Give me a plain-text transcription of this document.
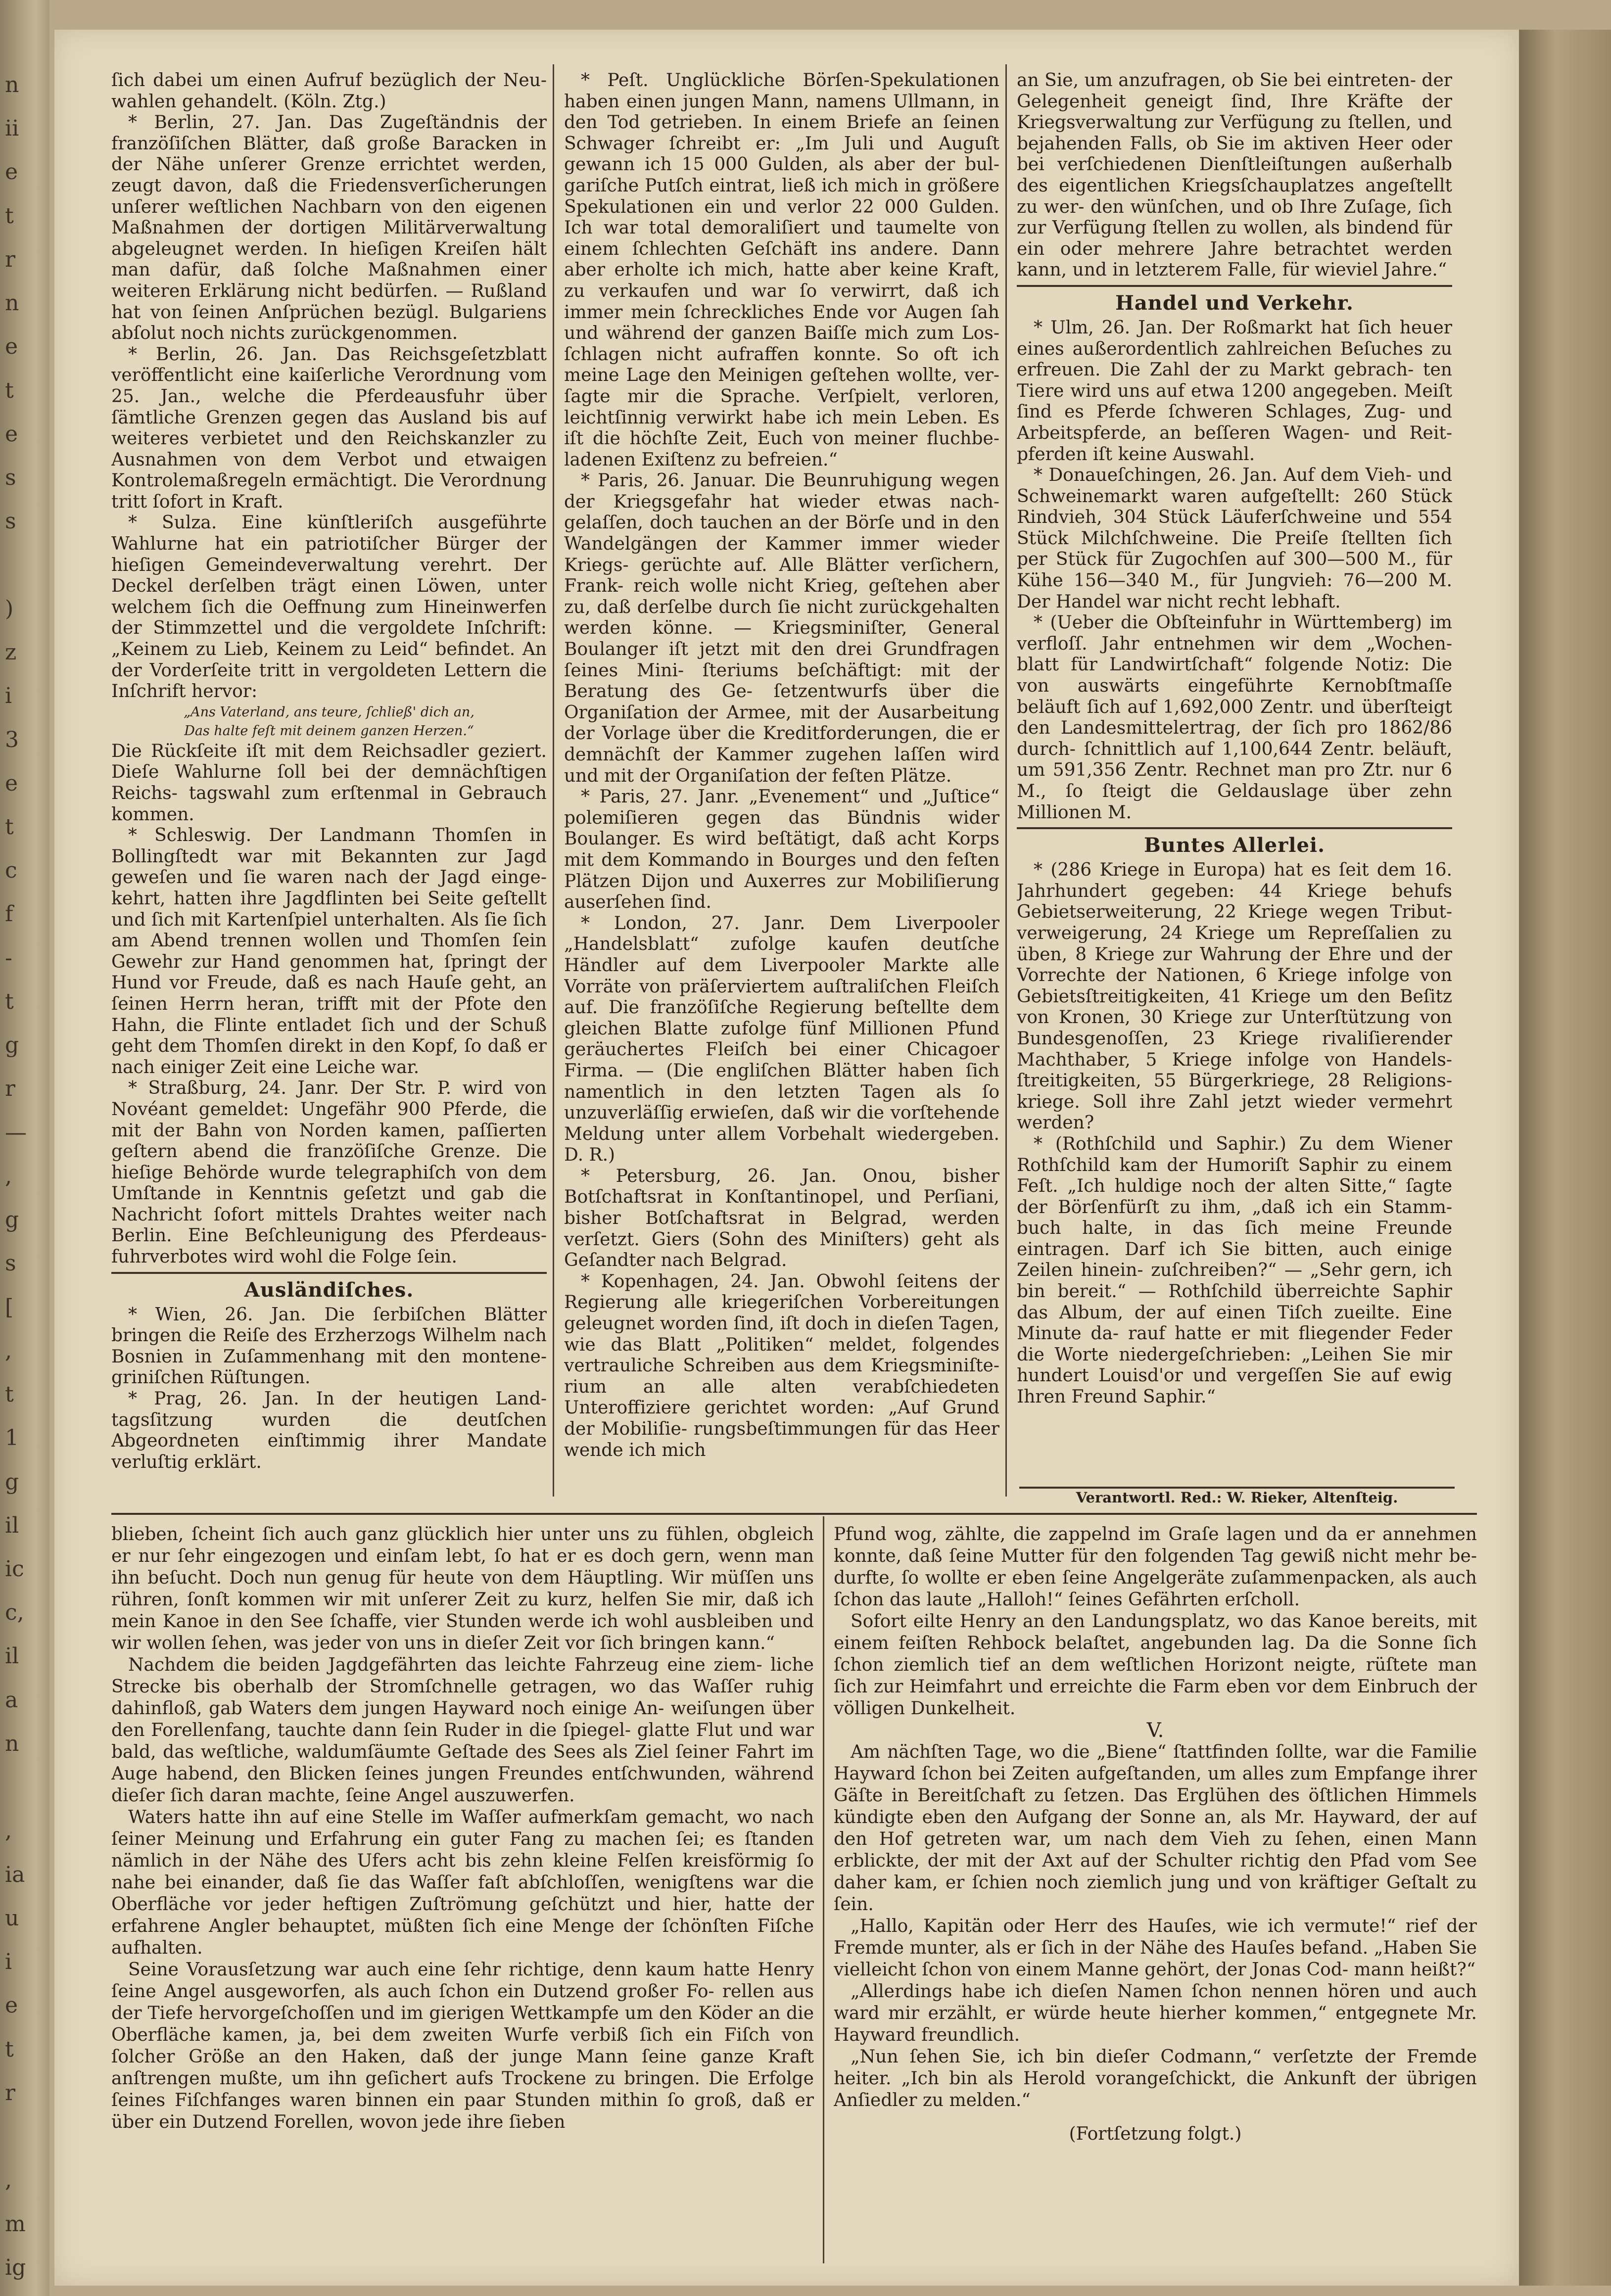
n
ii
e
t
r
n
e
t
e
s
s
)
z
i
3
e
t
c
f
-
t
g
r
—
,
g
s
[
,
t
1
g
il
ic
c,
il
a
n
,
ia
u
i
e
t
r
,
m
ig

ſich dabei um einen Aufruf bezüglich der Neu- wahlen gehandelt. (Köln. Ztg.)

* Berlin, 27. Jan. Das Zugeſtändnis der franzöſiſchen Blätter, daß große Baracken in der Nähe unſerer Grenze errichtet werden, zeugt davon, daß die Friedensverſicherungen unſerer weſtlichen Nachbarn von den eigenen Maßnahmen der dortigen Militärverwaltung abgeleugnet werden. In hieſigen Kreiſen hält man dafür, daß ſolche Maßnahmen einer weiteren Erklärung nicht bedürfen. — Rußland hat von ſeinen Anſprüchen bezügl. Bulgariens abſolut noch nichts zurückgenommen.

* Berlin, 26. Jan. Das Reichsgeſetzblatt veröffentlicht eine kaiſerliche Verordnung vom 25. Jan., welche die Pferdeausfuhr über ſämtliche Grenzen gegen das Ausland bis auf weiteres verbietet und den Reichskanzler zu Ausnahmen von dem Verbot und etwaigen Kontrolemaßregeln ermächtigt. Die Verordnung tritt ſofort in Kraft.

* Sulza. Eine künſtleriſch ausgeführte Wahlurne hat ein patriotiſcher Bürger der hieſigen Gemeindeverwaltung verehrt. Der Deckel derſelben trägt einen Löwen, unter welchem ſich die Oeffnung zum Hineinwerfen der Stimmzettel und die vergoldete Inſchrift: „Keinem zu Lieb, Keinem zu Leid“ befindet. An der Vorderſeite tritt in vergoldeten Lettern die Inſchrift hervor:

„Ans Vaterland, ans teure, ſchließ' dich an,
Das halte feſt mit deinem ganzen Herzen.“

Die Rückſeite iſt mit dem Reichsadler geziert. Dieſe Wahlurne ſoll bei der demnächſtigen Reichs- tagswahl zum erſtenmal in Gebrauch kommen.

* Schleswig. Der Landmann Thomſen in Bollingſtedt war mit Bekannten zur Jagd geweſen und ſie waren nach der Jagd einge- kehrt, hatten ihre Jagdflinten bei Seite geſtellt und ſich mit Kartenſpiel unterhalten. Als ſie ſich am Abend trennen wollen und Thomſen ſein Gewehr zur Hand genommen hat, ſpringt der Hund vor Freude, daß es nach Hauſe geht, an ſeinen Herrn heran, trifft mit der Pfote den Hahn, die Flinte entladet ſich und der Schuß geht dem Thomſen direkt in den Kopf, ſo daß er nach einiger Zeit eine Leiche war.

* Straßburg, 24. Janr. Der Str. P. wird von Novéant gemeldet: Ungefähr 900 Pferde, die mit der Bahn von Norden kamen, paſſierten geſtern abend die franzöſiſche Grenze. Die hieſige Behörde wurde telegraphiſch von dem Umſtande in Kenntnis geſetzt und gab die Nachricht ſofort mittels Drahtes weiter nach Berlin. Eine Beſchleunigung des Pferdeaus- fuhrverbotes wird wohl die Folge ſein.

Ausländiſches.

* Wien, 26. Jan. Die ſerbiſchen Blätter bringen die Reiſe des Erzherzogs Wilhelm nach Bosnien in Zuſammenhang mit den montene- griniſchen Rüſtungen.

* Prag, 26. Jan. In der heutigen Land- tagsſitzung wurden die deutſchen Abgeordneten einſtimmig ihrer Mandate verluſtig erklärt.

* Peſt. Unglückliche Börſen-Spekulationen haben einen jungen Mann, namens Ullmann, in den Tod getrieben. In einem Briefe an ſeinen Schwager ſchreibt er: „Im Juli und Auguſt gewann ich 15 000 Gulden, als aber der bul- gariſche Putſch eintrat, ließ ich mich in größere Spekulationen ein und verlor 22 000 Gulden. Ich war total demoraliſiert und taumelte von einem ſchlechten Geſchäft ins andere. Dann aber erholte ich mich, hatte aber keine Kraft, zu verkaufen und war ſo verwirrt, daß ich immer mein ſchreckliches Ende vor Augen ſah und während der ganzen Baiſſe mich zum Los- ſchlagen nicht aufraffen konnte. So oft ich meine Lage den Meinigen geſtehen wollte, ver- ſagte mir die Sprache. Verſpielt, verloren, leichtſinnig verwirkt habe ich mein Leben. Es iſt die höchſte Zeit, Euch von meiner fluchbe- ladenen Exiſtenz zu befreien.“

* Paris, 26. Januar. Die Beunruhigung wegen der Kriegsgefahr hat wieder etwas nach- gelaſſen, doch tauchen an der Börſe und in den Wandelgängen der Kammer immer wieder Kriegs- gerüchte auf. Alle Blätter verſichern, Frank- reich wolle nicht Krieg, geſtehen aber zu, daß derſelbe durch ſie nicht zurückgehalten werden könne. — Kriegsminiſter, General Boulanger iſt jetzt mit den drei Grundfragen ſeines Mini- ſteriums beſchäftigt: mit der Beratung des Ge- ſetzentwurfs über die Organiſation der Armee, mit der Ausarbeitung der Vorlage über die Kreditforderungen, die er demnächſt der Kammer zugehen laſſen wird und mit der Organiſation der feſten Plätze.

* Paris, 27. Janr. „Evenement“ und „Juſtice“ polemiſieren gegen das Bündnis wider Boulanger. Es wird beſtätigt, daß acht Korps mit dem Kommando in Bourges und den feſten Plätzen Dijon und Auxerres zur Mobiliſierung auserſehen ſind.

* London, 27. Janr. Dem Liverpooler „Handelsblatt“ zufolge kaufen deutſche Händler auf dem Liverpooler Markte alle Vorräte von präſerviertem auſtraliſchen Fleiſch auf. Die franzöſiſche Regierung beſtellte dem gleichen Blatte zufolge fünf Millionen Pfund geräuchertes Fleiſch bei einer Chicagoer Firma. — (Die engliſchen Blätter haben ſich namentlich in den letzten Tagen als ſo unzuverläſſig erwieſen, daß wir die vorſtehende Meldung unter allem Vorbehalt wiedergeben. D. R.)

* Petersburg, 26. Jan. Onou, bisher Botſchaftsrat in Konſtantinopel, und Perſiani, bisher Botſchaftsrat in Belgrad, werden verſetzt. Giers (Sohn des Miniſters) geht als Geſandter nach Belgrad.

* Kopenhagen, 24. Jan. Obwohl ſeitens der Regierung alle kriegeriſchen Vorbereitungen geleugnet worden ſind, iſt doch in dieſen Tagen, wie das Blatt „Politiken“ meldet, folgendes vertrauliche Schreiben aus dem Kriegsminiſte- rium an alle alten verabſchiedeten Unteroffiziere gerichtet worden: „Auf Grund der Mobiliſie- rungsbeſtimmungen für das Heer wende ich mich

an Sie, um anzufragen, ob Sie bei eintreten- der Gelegenheit geneigt ſind, Ihre Kräfte der Kriegsverwaltung zur Verfügung zu ſtellen, und bejahenden Falls, ob Sie im aktiven Heer oder bei verſchiedenen Dienſtleiſtungen außerhalb des eigentlichen Kriegsſchauplatzes angeſtellt zu wer- den wünſchen, und ob Ihre Zuſage, ſich zur Verfügung ſtellen zu wollen, als bindend für ein oder mehrere Jahre betrachtet werden kann, und in letzterem Falle, für wieviel Jahre.“

Handel und Verkehr.

* Ulm, 26. Jan. Der Roßmarkt hat ſich heuer eines außerordentlich zahlreichen Beſuches zu erfreuen. Die Zahl der zu Markt gebrach- ten Tiere wird uns auf etwa 1200 angegeben. Meiſt ſind es Pferde ſchweren Schlages, Zug- und Arbeitspferde, an beſſeren Wagen- und Reit- pferden iſt keine Auswahl.

* Donaueſchingen, 26. Jan. Auf dem Vieh- und Schweinemarkt waren aufgeſtellt: 260 Stück Rindvieh, 304 Stück Läuferſchweine und 554 Stück Milchſchweine. Die Preiſe ſtellten ſich per Stück für Zugochſen auf 300—500 M., für Kühe 156—340 M., für Jungvieh: 76—200 M. Der Handel war nicht recht lebhaft.

* (Ueber die Obſteinfuhr in Württemberg) im verfloſſ. Jahr entnehmen wir dem „Wochen- blatt für Landwirtſchaft“ folgende Notiz: Die von auswärts eingeführte Kernobſtmaſſe beläuft ſich auf 1,692,000 Zentr. und überſteigt den Landesmittelertrag, der ſich pro 1862/86 durch- ſchnittlich auf 1,100,644 Zentr. beläuft, um 591,356 Zentr. Rechnet man pro Ztr. nur 6 M., ſo ſteigt die Geldauslage über zehn Millionen M.

Buntes Allerlei.

* (286 Kriege in Europa) hat es ſeit dem 16. Jahrhundert gegeben: 44 Kriege behufs Gebietserweiterung, 22 Kriege wegen Tribut- verweigerung, 24 Kriege um Repreſſalien zu üben, 8 Kriege zur Wahrung der Ehre und der Vorrechte der Nationen, 6 Kriege infolge von Gebietsſtreitigkeiten, 41 Kriege um den Beſitz von Kronen, 30 Kriege zur Unterſtützung von Bundesgenoſſen, 23 Kriege rivaliſierender Machthaber, 5 Kriege infolge von Handels- ſtreitigkeiten, 55 Bürgerkriege, 28 Religions- kriege. Soll ihre Zahl jetzt wieder vermehrt werden?

* (Rothſchild und Saphir.) Zu dem Wiener Rothſchild kam der Humoriſt Saphir zu einem Feſt. „Ich huldige noch der alten Sitte,“ ſagte der Börſenfürſt zu ihm, „daß ich ein Stamm- buch halte, in das ſich meine Freunde eintragen. Darf ich Sie bitten, auch einige Zeilen hinein- zuſchreiben?“ — „Sehr gern, ich bin bereit.“ — Rothſchild überreichte Saphir das Album, der auf einen Tiſch zueilte. Eine Minute da- rauf hatte er mit fliegender Feder die Worte niedergeſchrieben: „Leihen Sie mir hundert Louisd'or und vergeſſen Sie auf ewig Ihren Freund Saphir.“

Verantwortl. Red.: W. Rieker, Altenſteig.

blieben, ſcheint ſich auch ganz glücklich hier unter uns zu fühlen, obgleich er nur ſehr eingezogen und einſam lebt, ſo hat er es doch gern, wenn man ihn beſucht. Doch nun genug für heute von dem Häuptling. Wir müſſen uns rühren, ſonſt kommen wir mit unſerer Zeit zu kurz, helfen Sie mir, daß ich mein Kanoe in den See ſchaffe, vier Stunden werde ich wohl ausbleiben und wir wollen ſehen, was jeder von uns in dieſer Zeit vor ſich bringen kann.“

Nachdem die beiden Jagdgefährten das leichte Fahrzeug eine ziem- liche Strecke bis oberhalb der Stromſchnelle getragen, wo das Waſſer ruhig dahinfloß, gab Waters dem jungen Hayward noch einige An- weiſungen über den Forellenfang, tauchte dann ſein Ruder in die ſpiegel- glatte Flut und war bald, das weſtliche, waldumſäumte Geſtade des Sees als Ziel ſeiner Fahrt im Auge habend, den Blicken ſeines jungen Freundes entſchwunden, während dieſer ſich daran machte, ſeine Angel auszuwerfen.

Waters hatte ihn auf eine Stelle im Waſſer aufmerkſam gemacht, wo nach ſeiner Meinung und Erfahrung ein guter Fang zu machen ſei; es ſtanden nämlich in der Nähe des Ufers acht bis zehn kleine Felſen kreisförmig ſo nahe bei einander, daß ſie das Waſſer faſt abſchloſſen, wenigſtens war die Oberfläche vor jeder heftigen Zuſtrömung geſchützt und hier, hatte der erfahrene Angler behauptet, müßten ſich eine Menge der ſchönſten Fiſche aufhalten.

Seine Vorausſetzung war auch eine ſehr richtige, denn kaum hatte Henry ſeine Angel ausgeworfen, als auch ſchon ein Dutzend großer Fo- rellen aus der Tiefe hervorgeſchoſſen und im gierigen Wettkampfe um den Köder an die Oberfläche kamen, ja, bei dem zweiten Wurfe verbiß ſich ein Fiſch von ſolcher Größe an den Haken, daß der junge Mann ſeine ganze Kraft anſtrengen mußte, um ihn geſichert aufs Trockene zu bringen. Die Erfolge ſeines Fiſchfanges waren binnen ein paar Stunden mithin ſo groß, daß er über ein Dutzend Forellen, wovon jede ihre ſieben

Pfund wog, zählte, die zappelnd im Graſe lagen und da er annehmen konnte, daß ſeine Mutter für den folgenden Tag gewiß nicht mehr be- durfte, ſo wollte er eben ſeine Angelgeräte zuſammenpacken, als auch ſchon das laute „Halloh!“ ſeines Gefährten erſcholl.

Sofort eilte Henry an den Landungsplatz, wo das Kanoe bereits, mit einem feiſten Rehbock belaſtet, angebunden lag. Da die Sonne ſich ſchon ziemlich tief an dem weſtlichen Horizont neigte, rüſtete man ſich zur Heimfahrt und erreichte die Farm eben vor dem Einbruch der völligen Dunkelheit.

V.

Am nächſten Tage, wo die „Biene“ ſtattfinden ſollte, war die Familie Hayward ſchon bei Zeiten aufgeſtanden, um alles zum Empfange ihrer Gäſte in Bereitſchaft zu ſetzen. Das Erglühen des öſtlichen Himmels kündigte eben den Aufgang der Sonne an, als Mr. Hayward, der auf den Hof getreten war, um nach dem Vieh zu ſehen, einen Mann erblickte, der mit der Axt auf der Schulter richtig den Pfad vom See daher kam, er ſchien noch ziemlich jung und von kräftiger Geſtalt zu ſein.

„Hallo, Kapitän oder Herr des Hauſes, wie ich vermute!“ rief der Fremde munter, als er ſich in der Nähe des Hauſes befand. „Haben Sie vielleicht ſchon von einem Manne gehört, der Jonas Cod- mann heißt?“

„Allerdings habe ich dieſen Namen ſchon nennen hören und auch ward mir erzählt, er würde heute hierher kommen,“ entgegnete Mr. Hayward freundlich.

„Nun ſehen Sie, ich bin dieſer Codmann,“ verſetzte der Fremde heiter. „Ich bin als Herold vorangeſchickt, die Ankunft der übrigen Anſiedler zu melden.“

(Fortſetzung folgt.)
